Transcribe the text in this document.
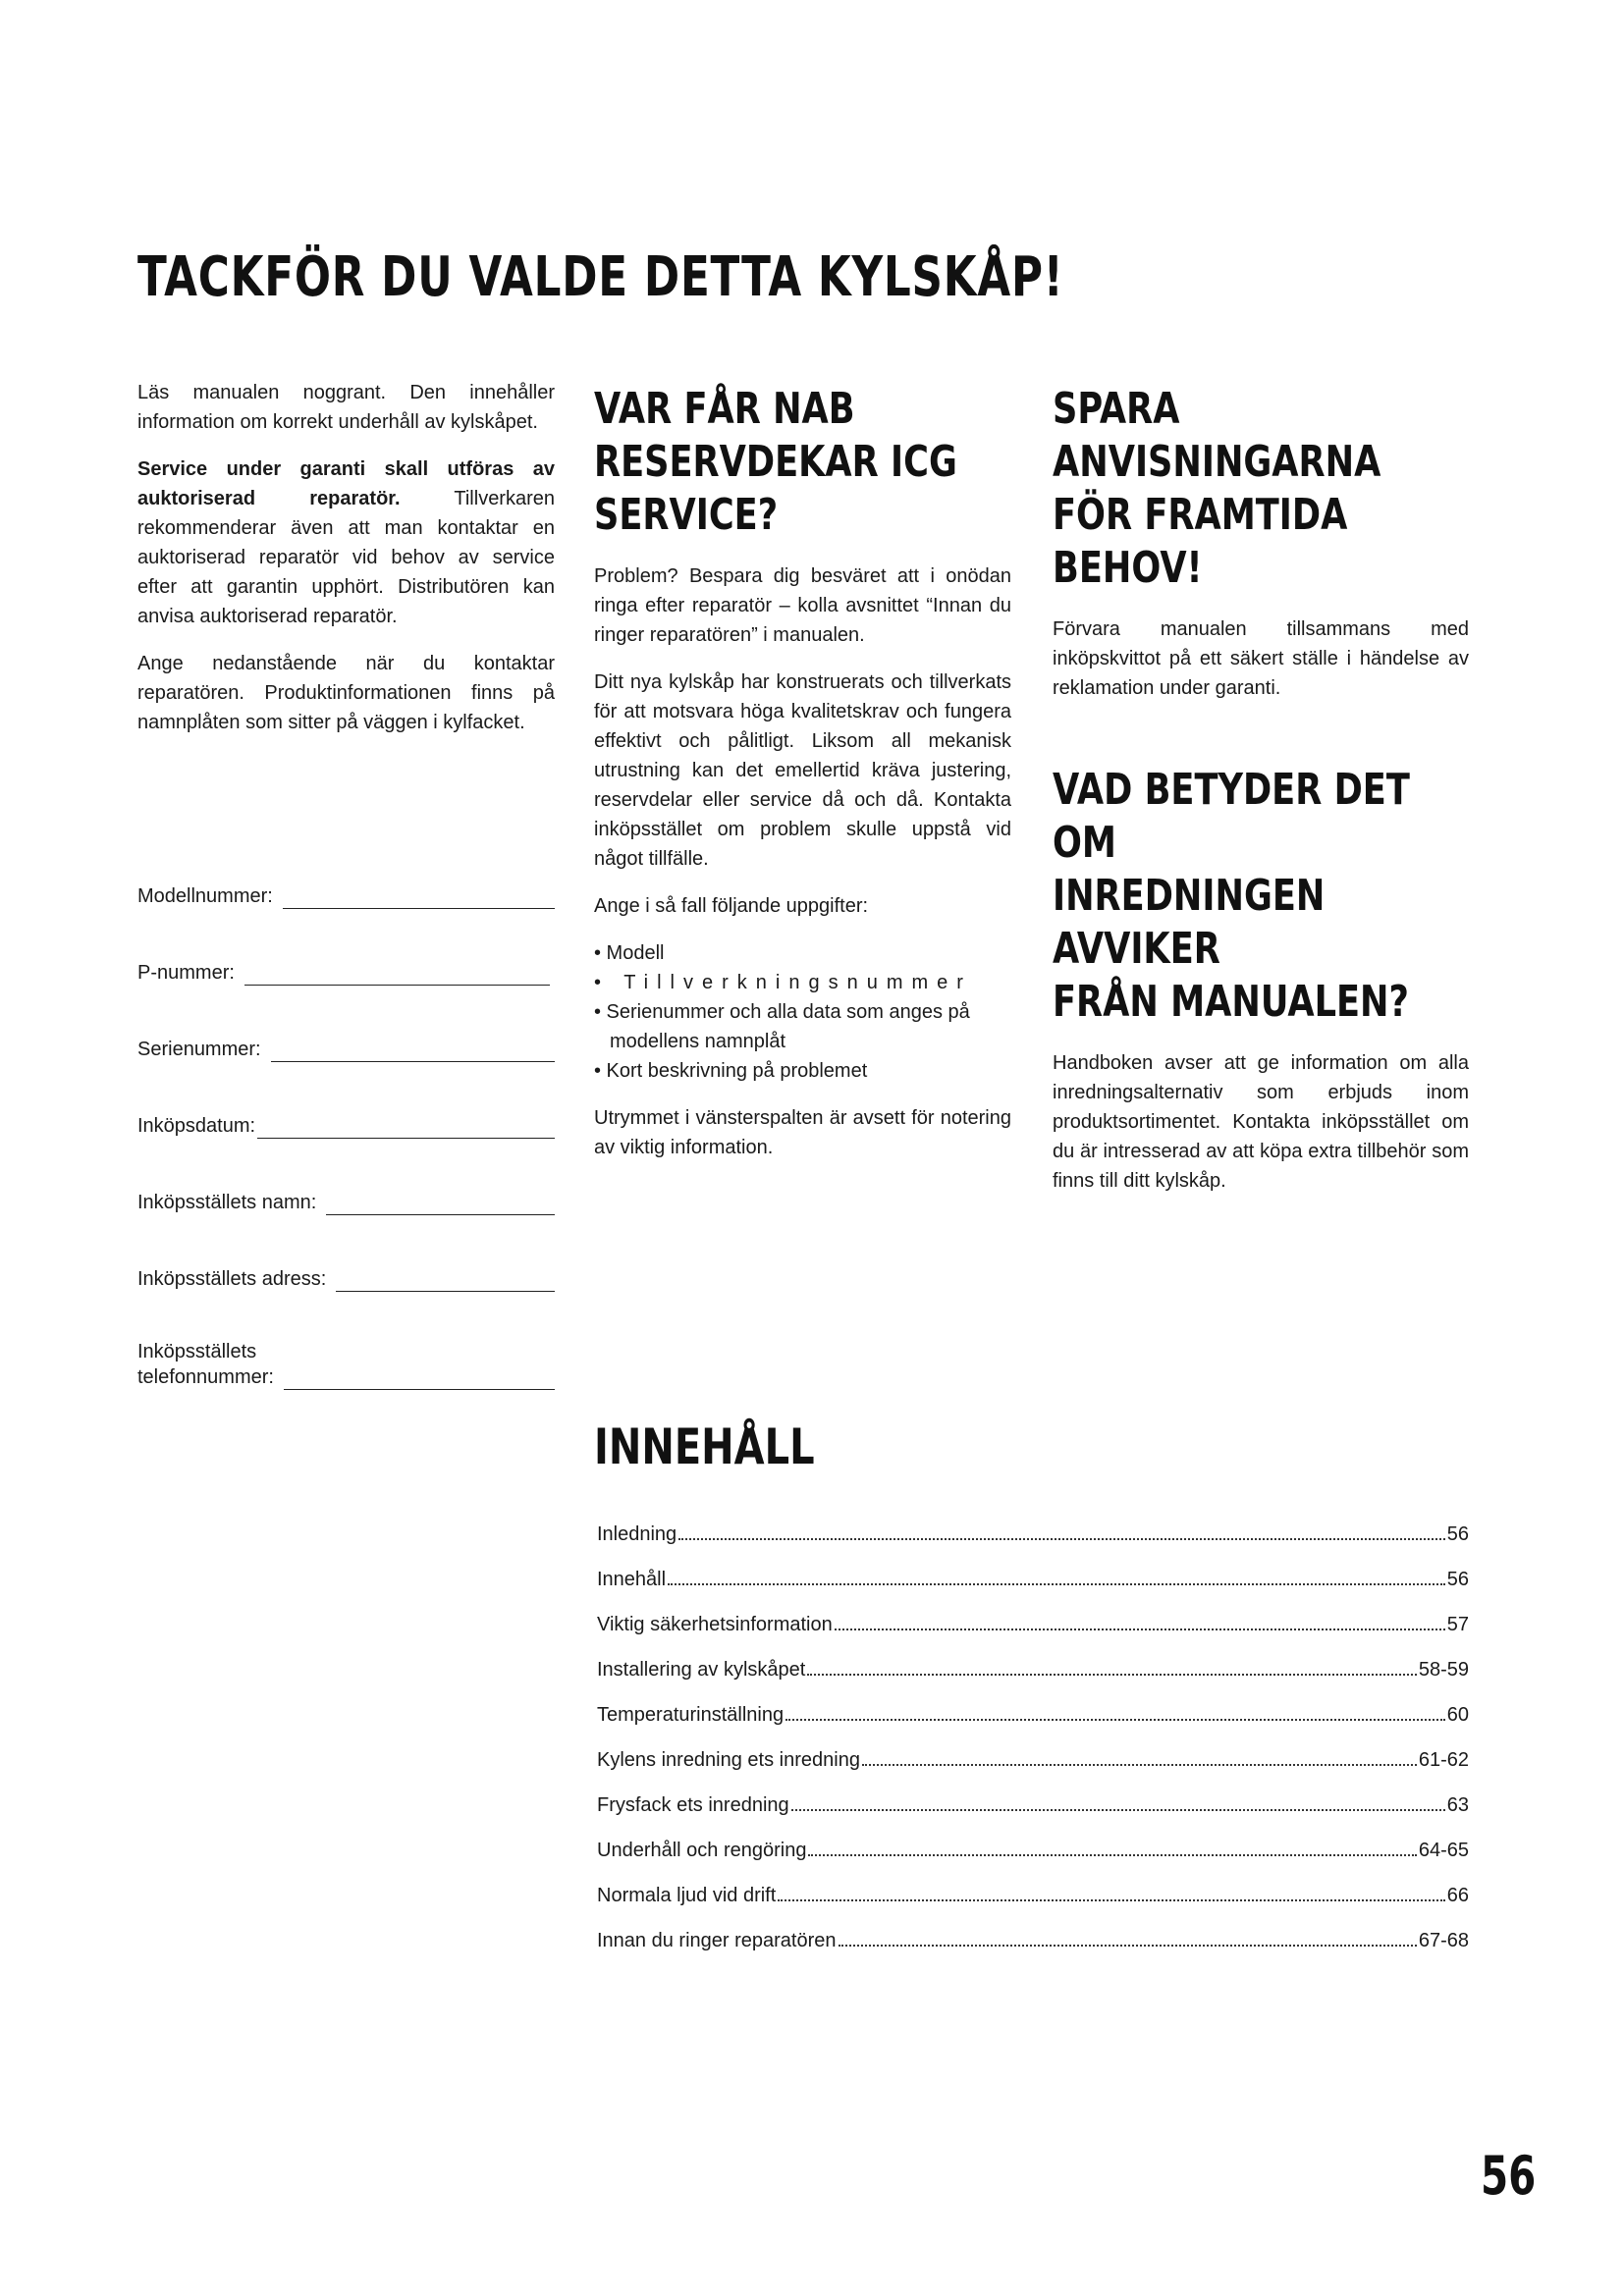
TACKFÖR DU VALDE DETTA KYLSKÅP!

Läs manualen noggrant. Den innehåller information om korrekt underhåll av kylskåpet.

Service under garanti skall utföras av auktoriserad reparatör. Tillverkaren rekommenderar även att man kontaktar en auktoriserad reparatör vid behov av service efter att garantin upphört. Distributören kan anvisa auktoriserad reparatör.

Ange nedanstående när du kontaktar reparatören. Produktinformationen finns på namnplåten som sitter på väggen i kylfacket.

Modellnummer:
P-nummer:
Serienummer:
Inköpsdatum:
Inköpsställets namn:
Inköpsställets adress:
Inköpsställets
telefonnummer:
VAR FÅR NAB
RESERVDEKAR ICG SERVICE?

Problem? Bespara dig besväret att i onödan ringa efter reparatör – kolla avsnittet “Innan du ringer reparatören” i manualen.

Ditt nya kylskåp har konstruerats och tillverkats för att motsvara höga kvalitetskrav och fungera effektivt och pålitligt. Liksom all mekanisk utrustning kan det emellertid kräva justering, reservdelar eller service då och då. Kontakta inköpsstället om problem skulle uppstå vid något tillfälle.

Ange i så fall följande uppgifter:

• Modell
• Tillverkningsnummer
• Serienummer och alla data som anges på modellens namnplåt
• Kort beskrivning på problemet

Utrymmet i vänsterspalten är avsett för notering av viktig information.

SPARA ANVISNINGARNA
FÖR FRAMTIDA BEHOV!

Förvara manualen tillsammans med inköpskvittot på ett säkert ställe i händelse av reklamation under garanti.

VAD BETYDER DET OM
INREDNINGEN AVVIKER
FRÅN MANUALEN?

Handboken avser att ge information om alla inredningsalternativ som erbjuds inom produktsortimentet. Kontakta inköpsstället om du är intresserad av att köpa extra tillbehör som finns till ditt kylskåp.

INNEHÅLL
Inledning	56
Innehåll	56
Viktig säkerhetsinformation	57
Installering av kylskåpet	58-59
Temperaturinställning	60
Kylens inredning ets inredning	61-62
Frysfack ets inredning	63
Underhåll och rengöring	64-65
Normala ljud vid drift	66
Innan du ringer reparatören	67-68
56
